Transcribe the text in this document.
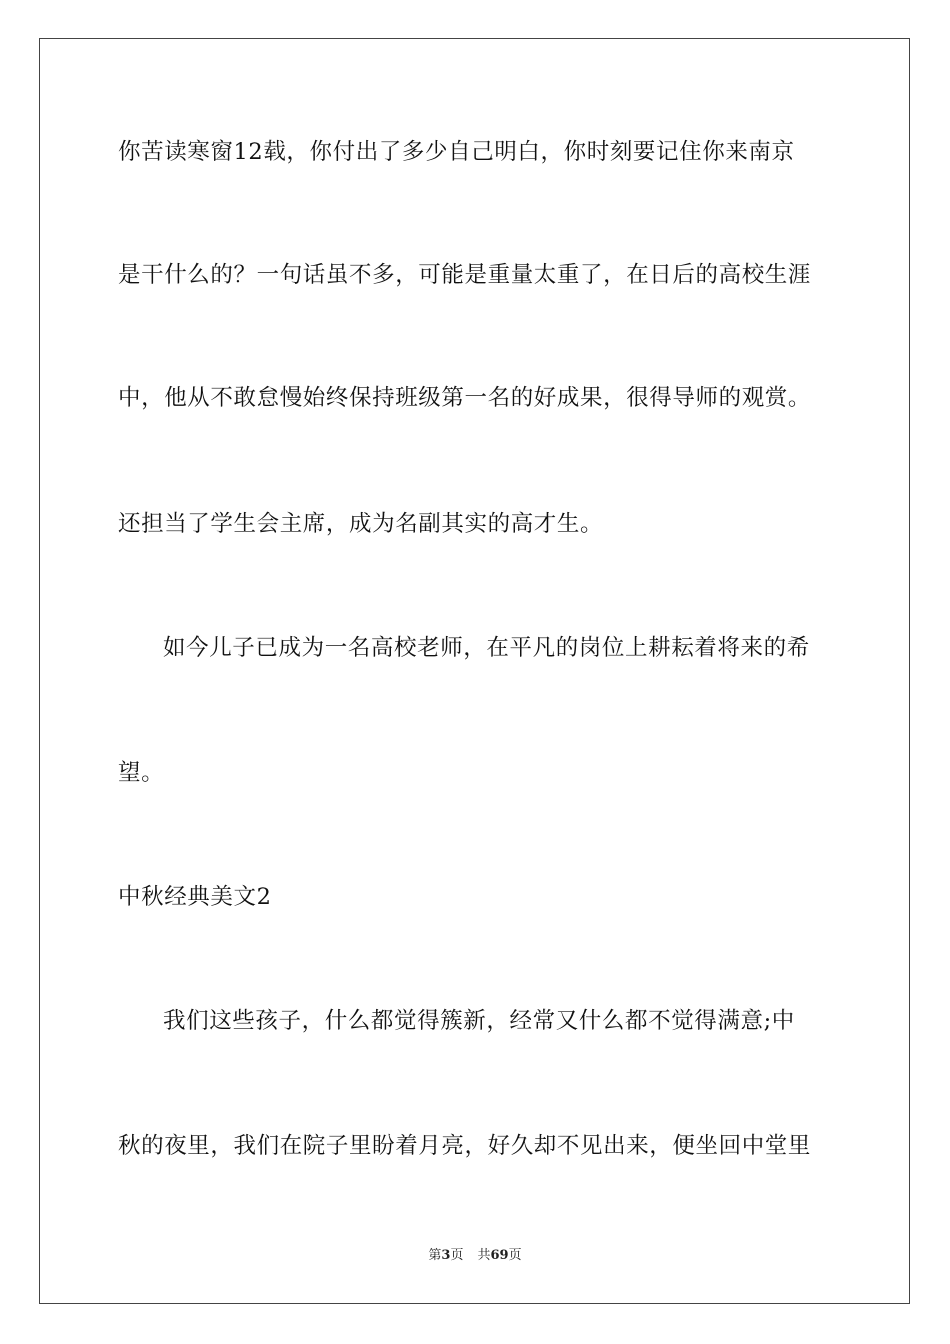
你苦读寒窗12载，你付出了多少自己明白，你时刻要记住你来南京
是干什么的？一句话虽不多，可能是重量太重了，在日后的高校生涯
中，他从不敢怠慢始终保持班级第一名的好成果，很得导师的观赏。
还担当了学生会主席，成为名副其实的高才生。
如今儿子已成为一名高校老师，在平凡的岗位上耕耘着将来的希
望。
中秋经典美文2
我们这些孩子，什么都觉得簇新，经常又什么都不觉得满意;中
秋的夜里，我们在院子里盼着月亮，好久却不见出来，便坐回中堂里
第3页 共69页
